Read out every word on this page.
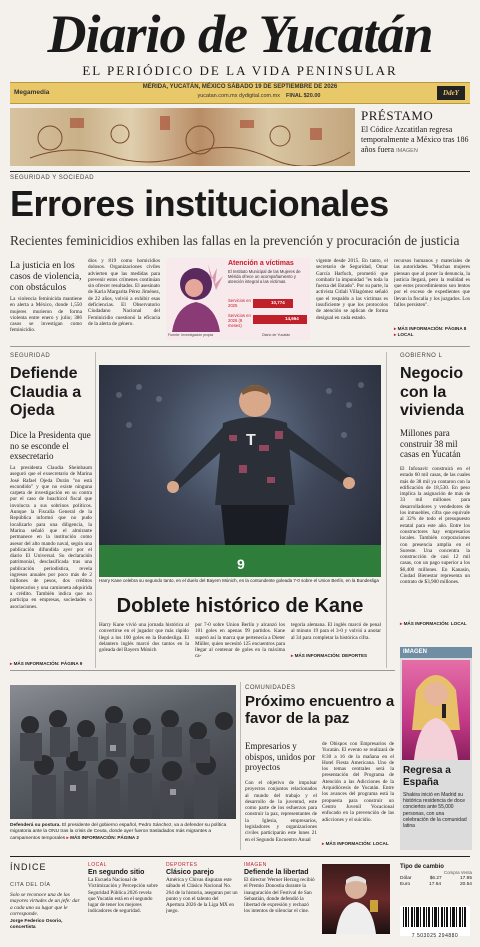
Diario de Yucatán
EL PERIÓDICO DE LA VIDA PENINSULAR
Megamedia
MÉRIDA, YUCATÁN, MÉXICO SÁBADO 19 DE SEPTIEMBRE DE 2026
yucatan.com.mx dydigital.com.mx FINAL $20.00	DdeY
PRÉSTAMO
El Códice Azcatitlan regresa temporalmente a México tras 186 años fuera IMAGEN
SEGURIDAD Y SOCIEDAD
Errores institucionales
Recientes feminicidios exhiben las fallas en la prevención y procuración de justicia
La justicia en los casos de violencia, con obstáculos
La violencia feminicida mantiene en alerta a México, donde 1,550 mujeres murieron de forma violenta entre enero y julio; 386 casos se investigan como feminicidio.
dios y 819 como homicidios dolosos. Organizaciones civiles advierten que las medidas para prevenir estos crímenes continúan sin ofrecer resultados. El asesinato de Karla Margarita Pérez Jiménez, de 22 años, volvió a exhibir esas deficiencias. El Observatorio Ciudadano Nacional del Feminicidio cuestionó la eficacia de la alerta de género.
Atención a víctimas
El Instituto Municipal de las Mujeres de Mérida ofrece un acompañamiento y atención integral a las víctimas.
Servicios en 2025
10,774
Servicios en 2026 (8 meses)
14,664
Fuente: Investigación propia	Diario de Yucatán
vigente desde 2015. En tanto, el secretario de Seguridad, Omar García Harfuch, prometió que combatir la impunidad "es toda la fuerza del Estado". Por su parte, la activista Citlali Villagómez señaló que el respaldo a las víctimas es insuficiente y que los protocolos de atención se aplican de forma desigual en cada estado.
recursos humanos y materiales de las autoridades. "Muchas mujeres piensan que al poner la denuncia, la justicia llegará, pero la realidad es que estos procedimientos son lentos por el exceso de expedientes que llevan la fiscalía y los juzgados. Los fallos persisten".
▸ MÁS INFORMACIÓN: PÁGINA 8
▸ LOCAL
SEGURIDAD
Defiende Claudia a Ojeda
Dice la Presidenta que no se esconde el exsecretario
La presidenta Claudia Sheinbaum aseguró que el exsecretario de Marina José Rafael Ojeda Durán "no está escondido" y que no existe ninguna carpeta de investigación en su contra por el caso de huachicol fiscal que involucra a sus sobrinos políticos. Aunque la Fiscalía General de la República informó que no pudo localizarlo para una diligencia, la Marina señaló que el almirante permanece en la institución como asesor del alto mando naval, según una publicación difundida ayer por el diario El Universal. Su declaración patrimonial, desclasificada tras una publicación periodística, revela ingresos anuales por poco más de 2 millones de pesos, dos créditos hipotecarios y una camioneta adquirida a crédito. También indica que no participa en empresas, sociedades o asociaciones.
▸ MÁS INFORMACIÓN: PÁGINA 9
T
9
Harry Kane celebra su segundo tanto, en el duelo del Bayern Múnich, en la contundente goleada 7-0 sobre el Union Berlín, en la Bundesliga
Doblete histórico de Kane
Harry Kane vivió una jornada histórica al convertirse en el jugador que más rápido llegó a los 100 goles en la Bundesliga. El delantero inglés marcó dos tantos en la goleada del Bayern Múnich
por 7-0 sobre Union Berlín y alcanzó los 101 goles en apenas 99 partidos. Kane superó así la marca que pertenecía a Dieter Müller, quien necesitó 125 encuentros para llegar al centenar de goles en la máxima ca-
tegoría alemana. El inglés marcó de penal al minuto 19 para el 3-0 y volvió a anotar al 34 para completar la histórica cifra.
▸ MÁS INFORMACIÓN: DEPORTES
GOBIERNO L
Negocio con la vivienda
Millones para construir 38 mil casas en Yucatán
El Infonavit construirá en el estado 60 mil casas, de las cuales más de 38 mil ya contaron con la edificación de 18,530. En peso implica la asignación de más de 33 mil millones para desarrolladores y vendedores de los inmuebles, cifra que equivale al 32% de todo el presupuesto estatal para este año. Entre los constructores hay empresarios locales. También corporaciones con presencia amplia en el Sureste. Una concentra la construcción de casi 12 mil casas, con un pago superior a los $6,400 millones. En Kanasín, Ciudad Bienestar representa un contrato de $3,900 millones.
▸ MÁS INFORMACIÓN: LOCAL
Defenderá su postura. El presidente del gobierno español, Pedro Sánchez, va a defender su política migratoria ante la ONU tras la crisis de Ceuta, donde ayer fueron trasladados más migrantes a campamentos temporales ▸ MÁS INFORMACIÓN: PÁGINA 2
COMUNIDADES
Próximo encuentro a favor de la paz
Empresarios y obispos, unidos por proyectos
Con el objetivo de impulsar proyectos conjuntos relacionados al mundo del trabajo y el desarrollo de la juventud, este como parte de los esfuerzos para construir la paz, representantes de la Iglesia, empresarios, legisladores y organizaciones civiles participarán este lunes 21 en el Segundo Encuentro Anual
de Obispos con Empresarios de Yucatán. El evento se realizará de 8:30 a 16 de la mañana en el Hotel Fiesta Americana. Uno de los temas centrales será la presentación del Programa de Atención a las Adicciones de la Arquidiócesis de Yucatán. Entre los avances del programa está la propuesta para construir un Centro Juvenil Vocacional enfocado en la prevención de las adicciones y el suicidio.
▸ MÁS INFORMACIÓN: LOCAL
IMAGEN
Regresa a España
Shakira inició en Madrid su histórica residencia de doce conciertos ante 55,000 personas, con una celebración de la comunidad latina
ÍNDICE
CITA DEL DÍA
Solo se reconoce una de las mayores virtudes de un jefe: dar a cada uno su lugar que le corresponde.
Jorge Federico Osorio, concertista
LOCAL
En segundo sitio
La Escuela Nacional de Victimización y Percepción sobre Seguridad Pública 2026 revela que Yucatán está en el segundo lugar de tener los mejores indicadores de seguridad.
DEPORTES
Clásico parejo
América y Chivas disputan este sábado el Clásico Nacional No. 264 de la historia, aseguran por un punto y con el talento del Apertura 2026 de la Liga MX en juego.
IMAGEN
Defiende la libertad
El director Werner Herzog recibió el Premio Donostia durante la inauguración del Festival de San Sebastián, donde defendió la libertad de expresión y rechazó los intentos de silenciar el cine.
Tipo de cambio
Compra Venta
Dólar	$6.27	17.95
Euro	17.64	20.54
7 503025 294880
